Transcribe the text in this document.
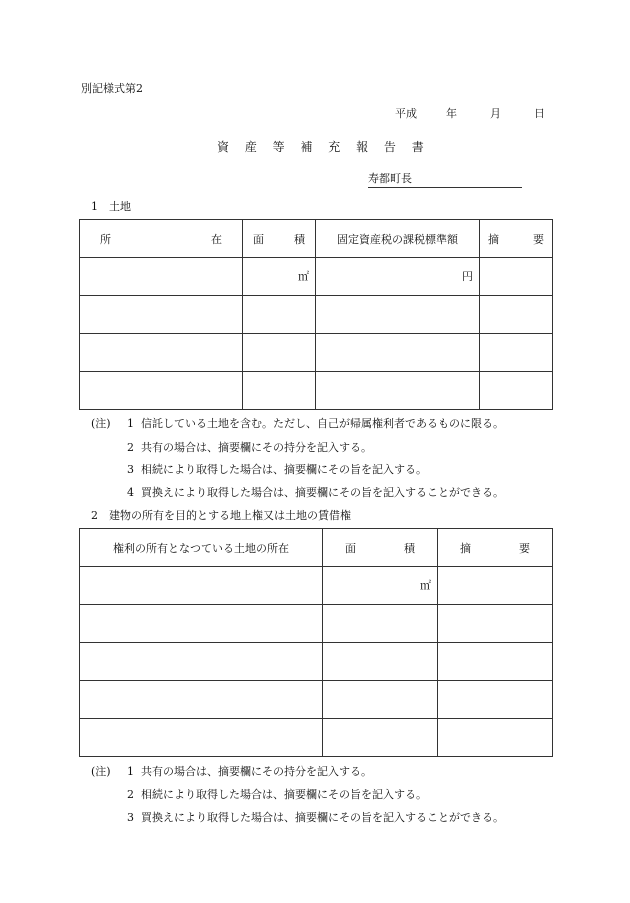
別記様式第2
平成	年	月	日
資 産 等 補 充 報 告 書
寿都町長
1　土地
所 在	面 積	固定資産税の課税標準額	摘 要

	㎡	円	

(注) 1 信託している土地を含む。ただし、自己が帰属権利者であるものに限る。
2 共有の場合は、摘要欄にその持分を記入する。
3 相続により取得した場合は、摘要欄にその旨を記入する。
4 買換えにより取得した場合は、摘要欄にその旨を記入することができる。
2　建物の所有を目的とする地上権又は土地の賃借権
権利の所有となつている土地の所在	面 積	摘 要

	㎡	

(注) 1 共有の場合は、摘要欄にその持分を記入する。
2 相続により取得した場合は、摘要欄にその旨を記入する。
3 買換えにより取得した場合は、摘要欄にその旨を記入することができる。
